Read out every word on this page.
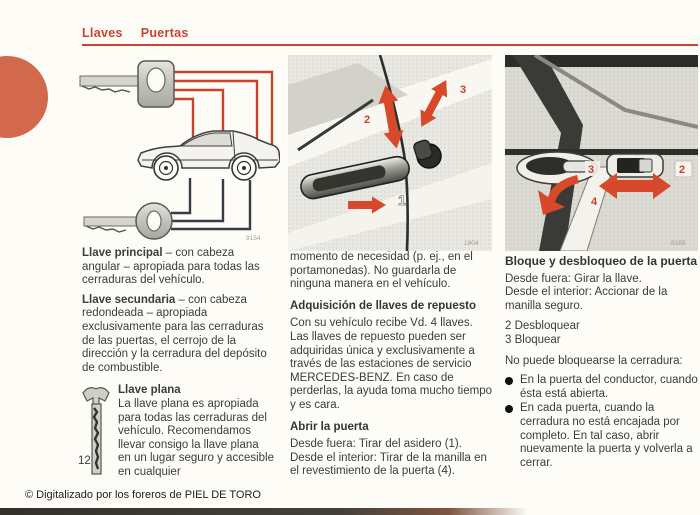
Llaves Puertas
9154
2
3
1
1904
3	2
4
8169

Llave principal – con cabeza angular – apropiada para todas las cerraduras del vehículo.

Llave secundaria – con cabeza redondeada – apropiada exclusivamente para las cerraduras de las puertas, el cerrojo de la dirección y la cerradura del depósito de combustible.

Llave plana
La llave plana es apropiada para todas las cerraduras del vehículo. Recomendamos llevar consigo la llave plana en un lugar seguro y accesible en cualquier

momento de necesidad (p. ej., en el portamonedas). No guardarla de ninguna manera en el vehículo.

Adquisición de llaves de repuesto

Con su vehículo recibe Vd. 4 llaves. Las llaves de repuesto pueden ser adquiridas única y exclusivamente a través de las estaciones de servicio MERCEDES-BENZ. En caso de perderlas, la ayuda toma mucho tiempo y es cara.

Abrir la puerta

Desde fuera: Tirar del asidero (1).

Desde el interior: Tirar de la manilla en el revestimiento de la puerta (4).

Bloque y desbloqueo de la puerta

Desde fuera: Girar la llave.

Desde el interior: Accionar de la manilla seguro.

2 Desbloquear

3 Bloquear

No puede bloquearse la cerradura:

En la puerta del conductor, cuando ésta está abierta.
En cada puerta, cuando la cerradura no está encajada por completo. En tal caso, abrir nuevamente la puerta y volverla a cerrar.
12
© Digitalizado por los foreros de PIEL DE TORO
